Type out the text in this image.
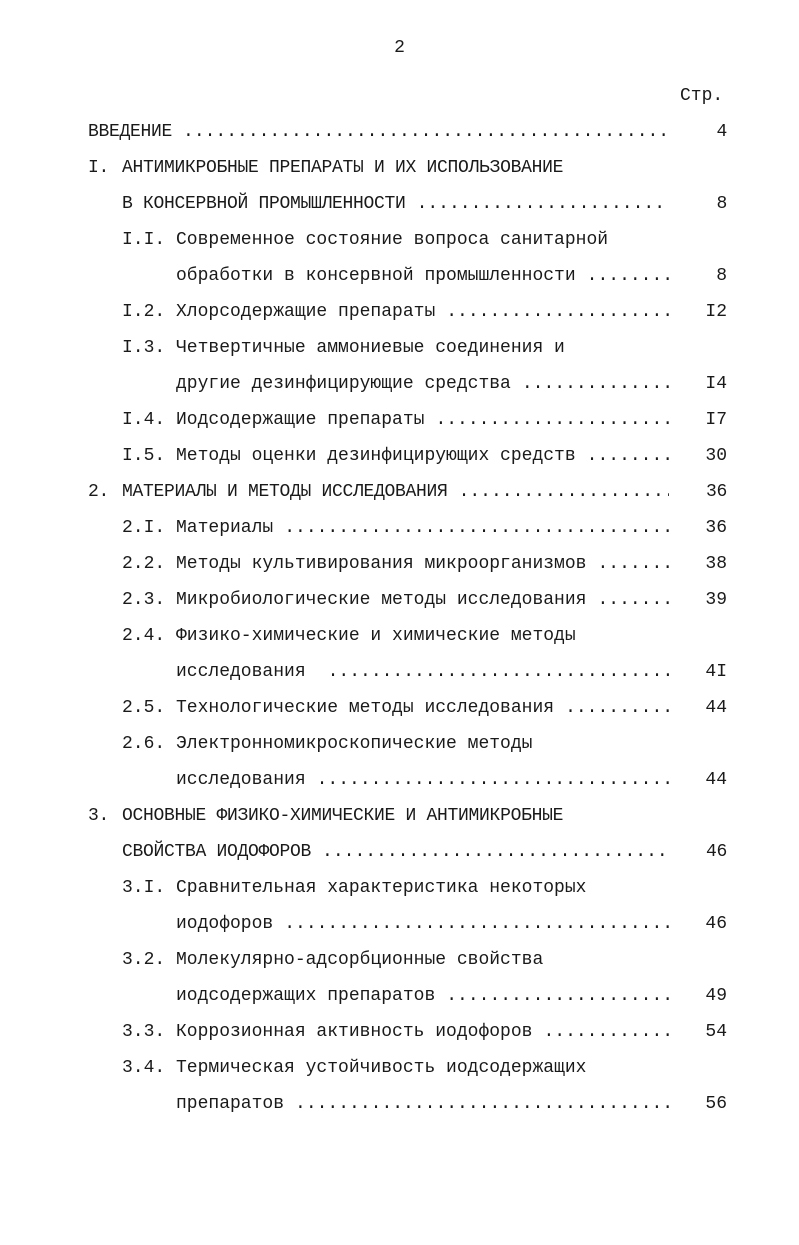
2
Стр.
ВВЕДЕНИЕ .....	4
I. АНТИМИКРОБНЫЕ ПРЕПАРАТЫ И ИХ ИСПОЛЬЗОВАНИЕ
В КОНСЕРВНОЙ ПРОМЫШЛЕННОСТИ .....	8
I.I. Современное состояние вопроса санитарной
обработки в консервной промышленности .....	8
I.2. Хлорсодержащие препараты .....	I2
I.3. Четвертичные аммониевые соединения и
другие дезинфицирующие средства .....	I4
I.4. Иодсодержащие препараты .....	I7
I.5. Методы оценки дезинфицирующих средств .....	30
2. МАТЕРИАЛЫ И МЕТОДЫ ИССЛЕДОВАНИЯ .....	36
2.I. Материалы .....	36
2.2. Методы культивирования микроорганизмов .....	38
2.3. Микробиологические методы исследования .....	39
2.4. Физико-химические и химические методы
исследования .....	4I
2.5. Технологические методы исследования .....	44
2.6. Электронномикроскопические методы
исследования .....	44
3. ОСНОВНЫЕ ФИЗИКО-ХИМИЧЕСКИЕ И АНТИМИКРОБНЫЕ
СВОЙСТВА ИОДОФОРОВ .....	46
3.I. Сравнительная характеристика некоторых
иодофоров .....	46
3.2. Молекулярно-адсорбционные свойства
иодсодержащих препаратов .....	49
3.3. Коррозионная активность иодофоров .....	54
3.4. Термическая устойчивость иодсодержащих
препаратов .....	56
